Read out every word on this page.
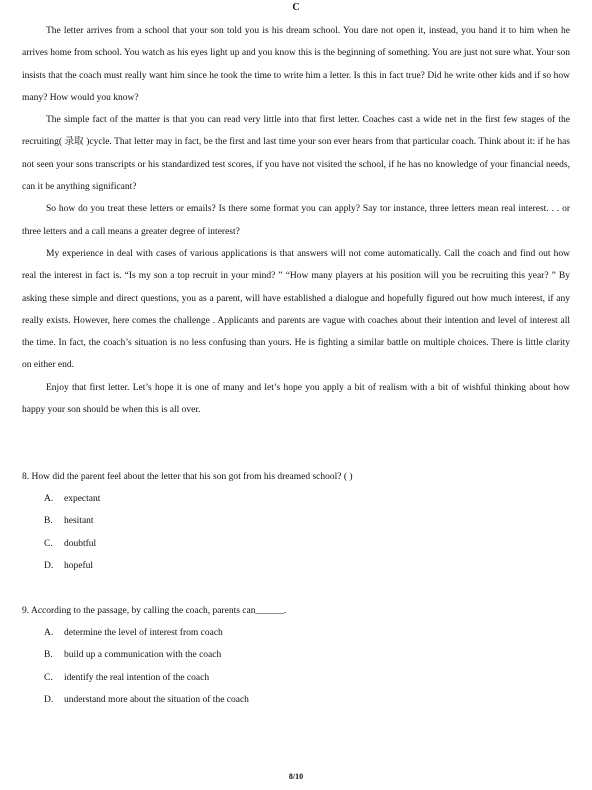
C

The letter arrives from a school that your son told you is his dream school. You dare not open it, instead, you hand it to him when he arrives home from school. You watch as his eyes light up and you know this is the beginning of something. You are just not sure what. Your son insists that the coach must really want him since he took the time to write him a letter. Is this in fact true? Did he write other kids and if so how many? How would you know?

The simple fact of the matter is that you can read very little into that first letter. Coaches cast a wide net in the first few stages of the recruiting( 录取 )cycle. That letter may in fact, be the first and last time your son ever hears from that particular coach. Think about it: if he has not seen your sons transcripts or his standardized test scores, if you have not visited the school, if he has no knowledge of your financial needs, can it be anything significant?

So how do you treat these letters or emails? Is there some format you can apply? Say tor instance, three letters mean real interest. . . or three letters and a call means a greater degree of interest?

My experience in deal with cases of various applications is that answers will not come automatically. Call the coach and find out how real the interest in fact is. “Is my son a top recruit in your mind? ” “How many players at his position will you be recruiting this year? ” By asking these simple and direct questions, you as a parent, will have established a dialogue and hopefully figured out how much interest, if any really exists. However, here comes the challenge . Applicants and parents are vague with coaches about their intention and level of interest all the time. In fact, the coach’s situation is no less confusing than yours. He is fighting a similar battle on multiple choices. There is little clarity on either end.

Enjoy that first letter. Let’s hope it is one of many and let’s hope you apply a bit of realism with a bit of wishful thinking about how happy your son should be when this is all over.

8. How did the parent feel about the letter that his son got from his dreamed school? ( )

A. expectant
B. hesitant
C. doubtful
D. hopeful

9. According to the passage, by calling the coach, parents can______.

A. determine the level of interest from coach
B. build up a communication with the coach
C. identify the real intention of the coach
D. understand more about the situation of the coach
8/10
